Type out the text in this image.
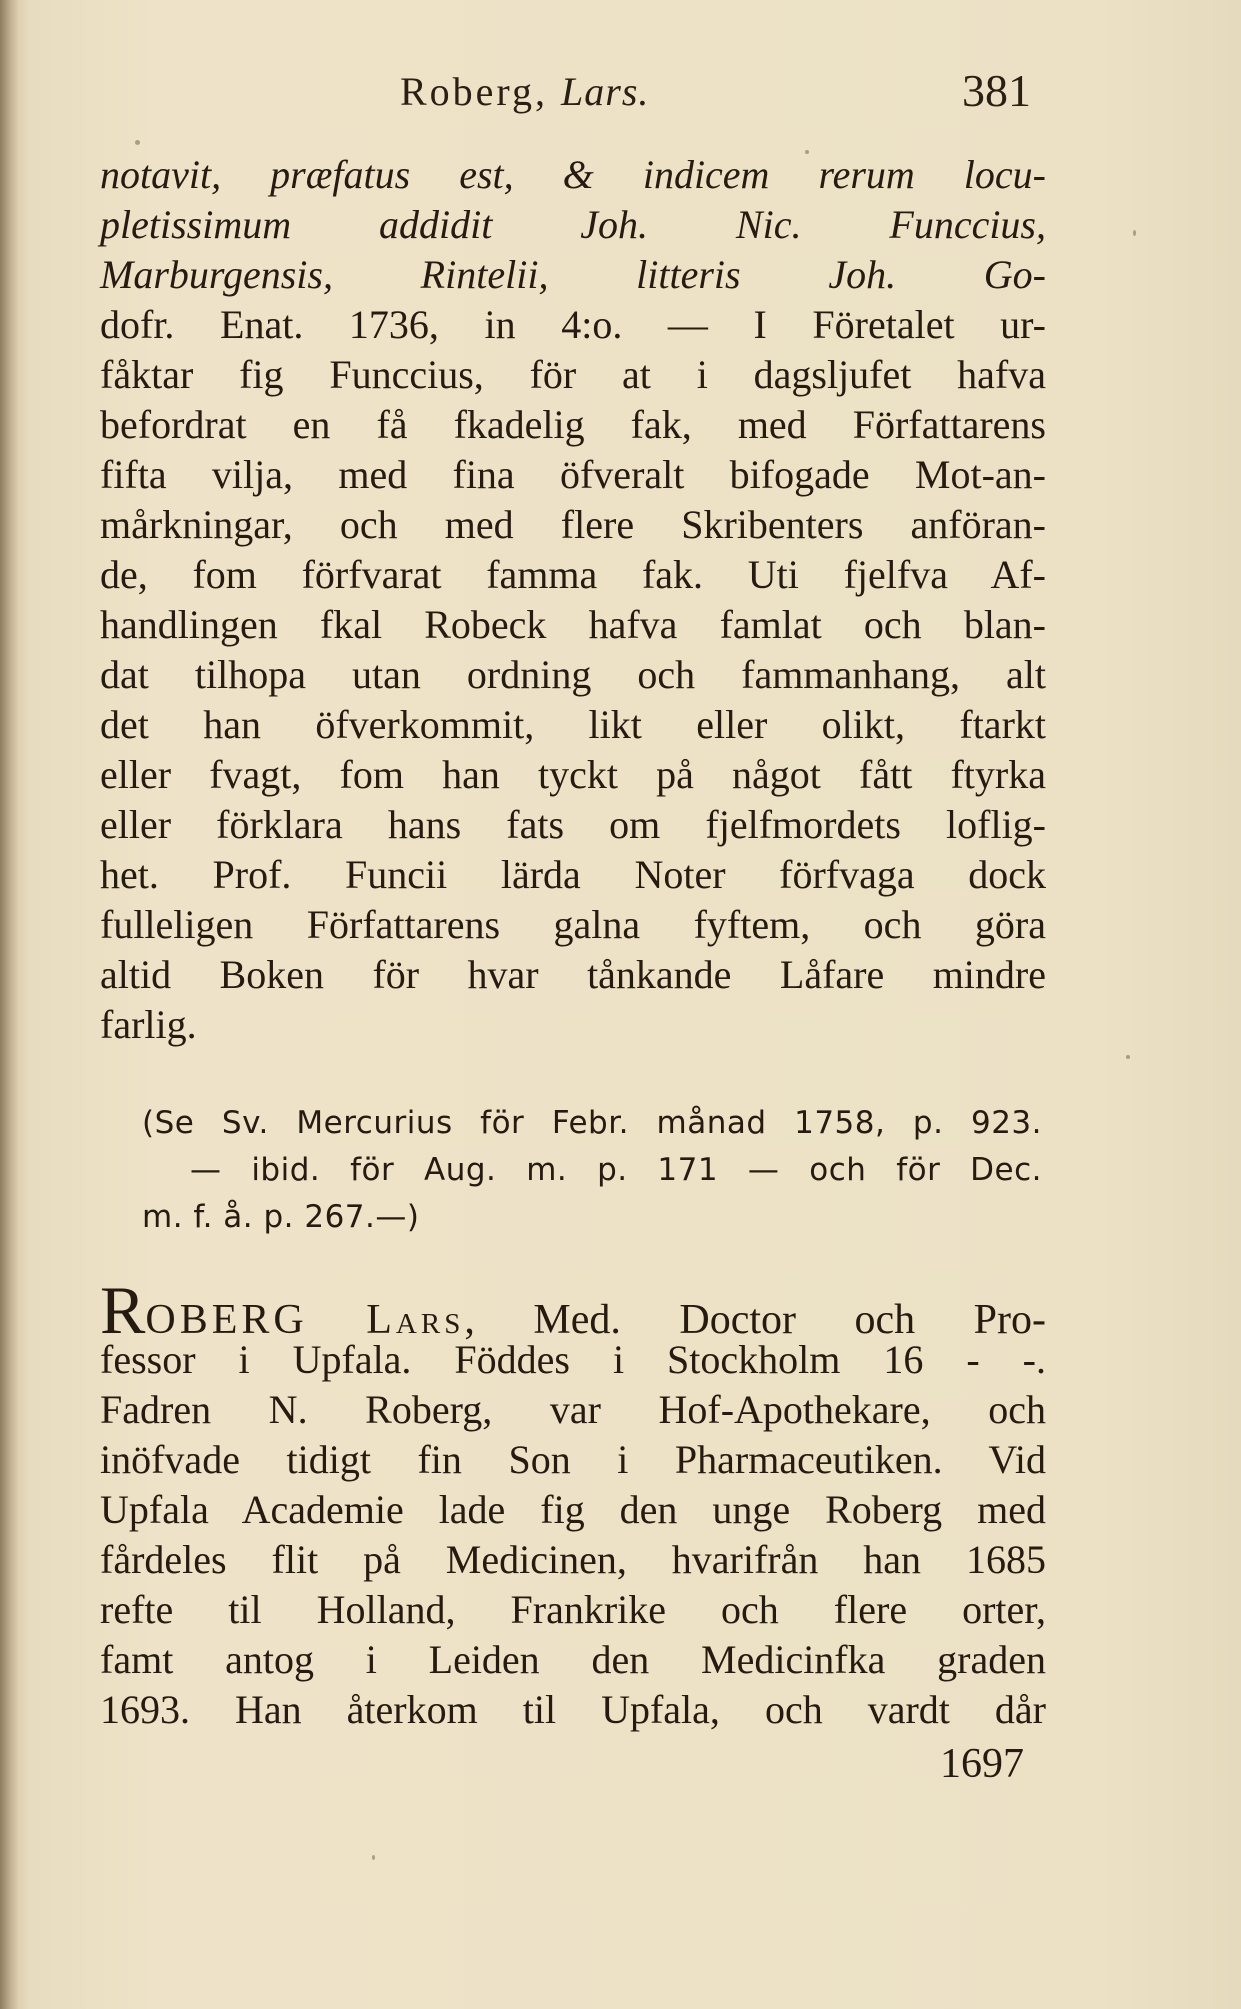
Roberg, Lars.	381
notavit, præfatus est, & indicem rerum locu-
pletissimum addidit Joh. Nic. Funccius,
Marburgensis, Rintelii, litteris Joh. Go-
dofr. Enat. 1736, in 4:o. — I Företalet ur-
fåktar fig Funccius, för at i dagsljufet hafva
befordrat en få fkadelig fak, med Författarens
fifta vilja, med fina öfveralt bifogade Mot-an-
mårkningar, och med flere Skribenters anföran-
de, fom förfvarat famma fak. Uti fjelfva Af-
handlingen fkal Robeck hafva famlat och blan-
dat tilhopa utan ordning och fammanhang, alt
det han öfverkommit, likt eller olikt, ftarkt
eller fvagt, fom han tyckt på något fått ftyrka
eller förklara hans fats om fjelfmordets loflig-
het. Prof. Funcii lärda Noter förfvaga dock
fulleligen Författarens galna fyftem, och göra
altid Boken för hvar tånkande Låfare mindre
farlig.
(Se Sv. Mercurius för Febr. månad 1758, p. 923.
— ibid. för Aug. m. p. 171 — och för Dec.
m. f. å. p. 267.—)
ROBERG Lars, Med. Doctor och Pro-
fessor i Upfala. Föddes i Stockholm 16 - -.
Fadren N. Roberg, var Hof-Apothekare, och
inöfvade tidigt fin Son i Pharmaceutiken. Vid
Upfala Academie lade fig den unge Roberg med
fårdeles flit på Medicinen, hvarifrån han 1685
refte til Holland, Frankrike och flere orter,
famt antog i Leiden den Medicinfka graden
1693. Han återkom til Upfala, och vardt dår
1697
